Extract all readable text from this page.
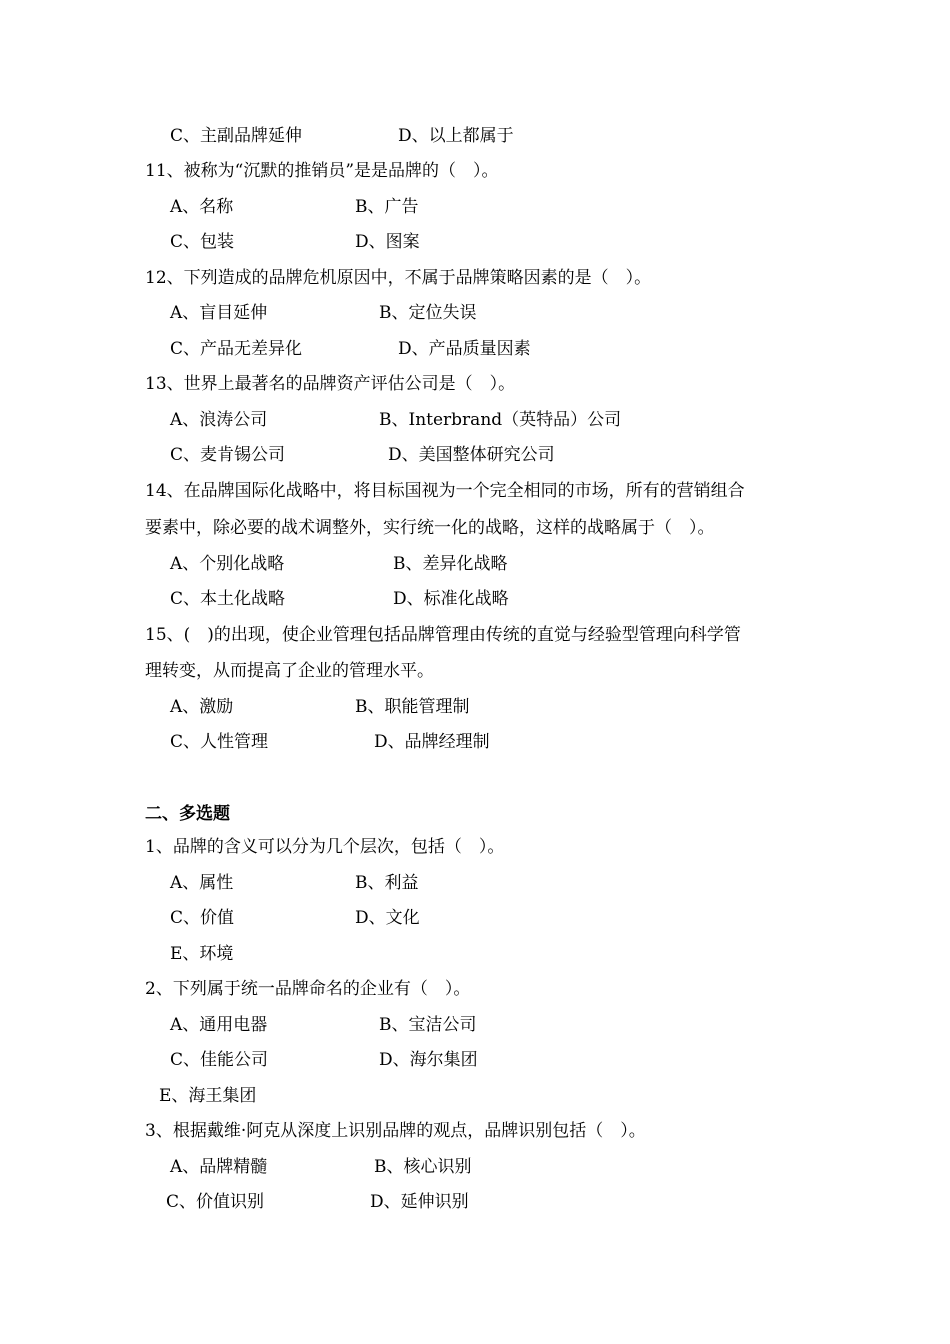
C、主副品牌延伸	D、以上都属于
11、被称为“沉默的推销员”是是品牌的（　）。
A、名称	B、广告
C、包装	D、图案
12、下列造成的品牌危机原因中，不属于品牌策略因素的是（　）。
A、盲目延伸	B、定位失误
C、产品无差异化	D、产品质量因素
13、世界上最著名的品牌资产评估公司是（　）。
A、浪涛公司	B、Interbrand（英特品）公司
C、麦肯锡公司	D、美国整体研究公司
14、在品牌国际化战略中，将目标国视为一个完全相同的市场，所有的营销组合
要素中，除必要的战术调整外，实行统一化的战略，这样的战略属于（　）。
A、个别化战略	B、差异化战略
C、本土化战略	D、标准化战略
15、(　)的出现，使企业管理包括品牌管理由传统的直觉与经验型管理向科学管
理转变，从而提高了企业的管理水平。
A、激励	B、职能管理制
C、人性管理	D、品牌经理制
二、多选题
1、品牌的含义可以分为几个层次，包括（　）。
A、属性	B、利益
C、价值	D、文化
E、环境
2、下列属于统一品牌命名的企业有（　）。
A、通用电器	B、宝洁公司
C、佳能公司	D、海尔集团
E、海王集团
3、根据戴维·阿克从深度上识别品牌的观点，品牌识别包括（　）。
A、品牌精髓	B、核心识别
C、价值识别	D、延伸识别
